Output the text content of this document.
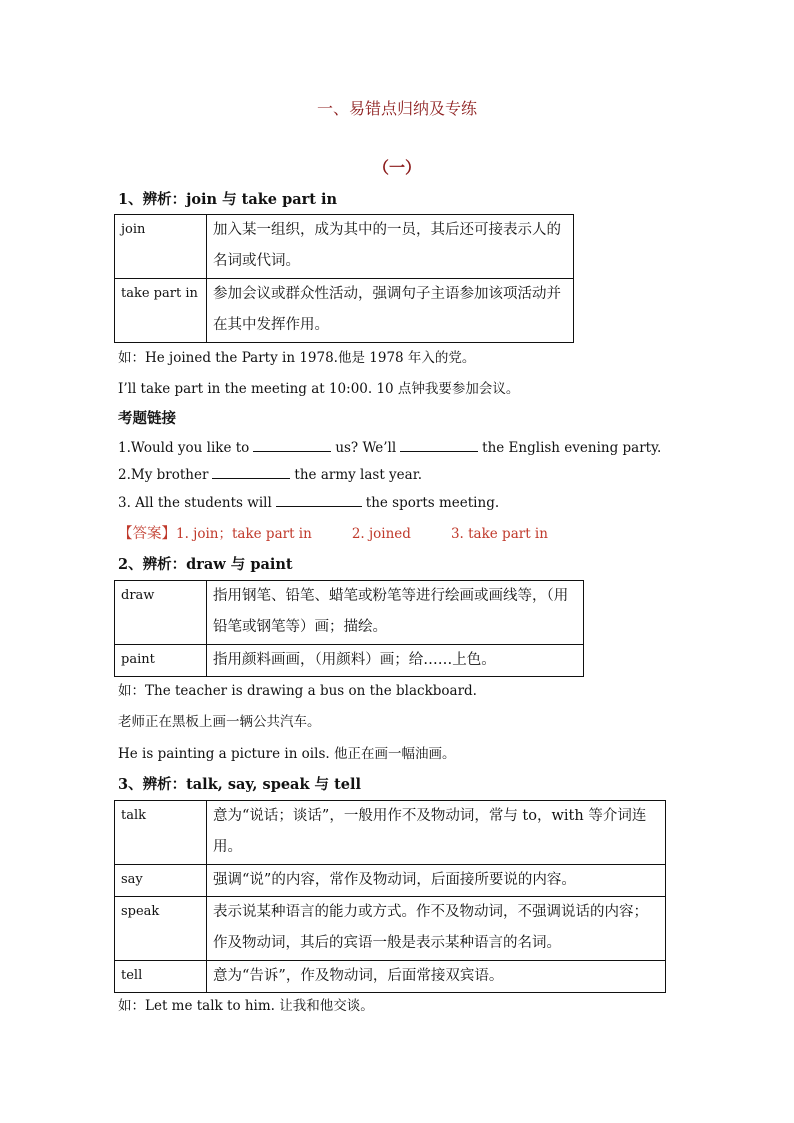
一、易错点归纳及专练
（一）
1、辨析：join 与 take part in
join	加入某一组织，成为其中的一员，其后还可接表示人的名词或代词。
take part in	参加会议或群众性活动，强调句子主语参加该项活动并在其中发挥作用。
如：He joined the Party in 1978.他是 1978 年入的党。
I’ll take part in the meeting at 10:00. 10 点钟我要参加会议。
考题链接
1.Would you like to	us? We’ll	the English evening party.
2.My brother	the army last year.
3. All the students will	the sports meeting.
【答案】1. join；take part in	2. joined	3. take part in
2、辨析：draw 与 paint
draw	指用钢笔、铅笔、蜡笔或粉笔等进行绘画或画线等，（用铅笔或钢笔等）画；描绘。
paint	指用颜料画画，（用颜料）画；给……上色。
如：The teacher is drawing a bus on the blackboard.
老师正在黑板上画一辆公共汽车。
He is painting a picture in oils. 他正在画一幅油画。
3、辨析：talk, say, speak 与 tell
talk	意为“说话；谈话”，一般用作不及物动词，常与 to，with 等介词连用。
say	强调“说”的内容，常作及物动词，后面接所要说的内容。
speak	表示说某种语言的能力或方式。作不及物动词，不强调说话的内容；作及物动词，其后的宾语一般是表示某种语言的名词。
tell	意为“告诉”，作及物动词，后面常接双宾语。
如：Let me talk to him. 让我和他交谈。
